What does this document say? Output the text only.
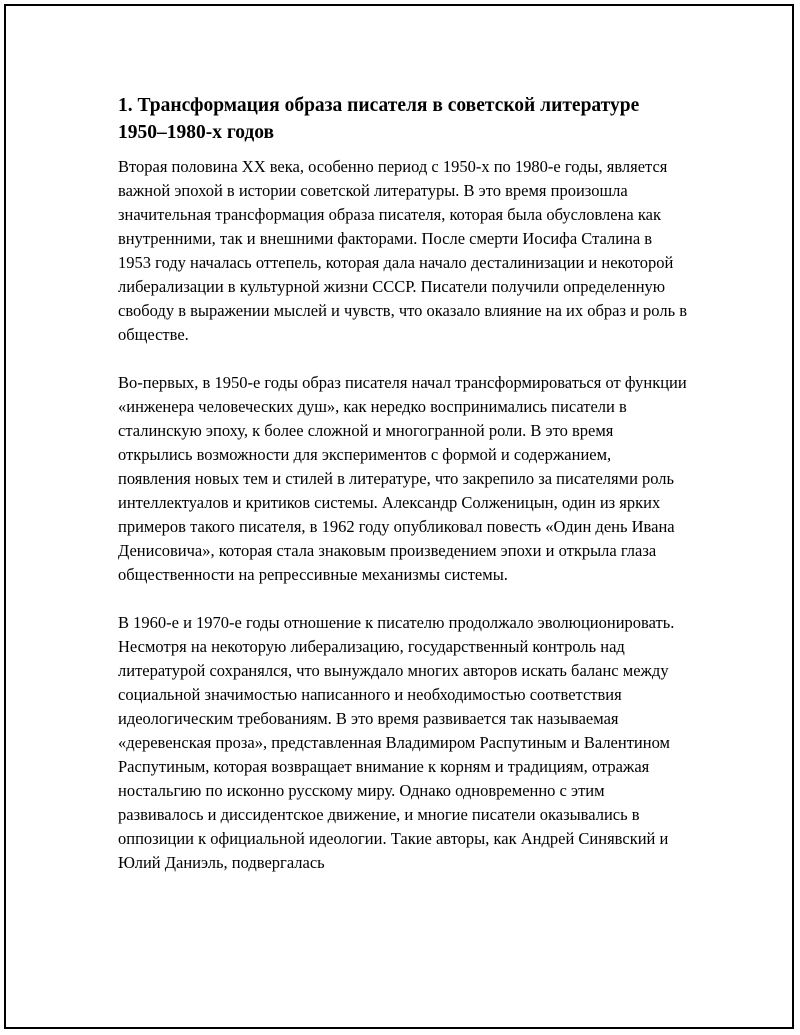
1. Трансформация образа писателя в советской литературе 1950–1980-х годов

Вторая половина XX века, особенно период с 1950-х по 1980-е годы, является важной эпохой в истории советской литературы. В это время произошла значительная трансформация образа писателя, которая была обусловлена как внутренними, так и внешними факторами. После смерти Иосифа Сталина в 1953 году началась оттепель, которая дала начало десталинизации и некоторой либерализации в культурной жизни СССР. Писатели получили определенную свободу в выражении мыслей и чувств, что оказало влияние на их образ и роль в обществе.

Во-первых, в 1950-е годы образ писателя начал трансформироваться от функции «инженера человеческих душ», как нередко воспринимались писатели в сталинскую эпоху, к более сложной и многогранной роли. В это время открылись возможности для экспериментов с формой и содержанием, появления новых тем и стилей в литературе, что закрепило за писателями роль интеллектуалов и критиков системы. Александр Солженицын, один из ярких примеров такого писателя, в 1962 году опубликовал повесть «Один день Ивана Денисовича», которая стала знаковым произведением эпохи и открыла глаза общественности на репрессивные механизмы системы.

В 1960-е и 1970-е годы отношение к писателю продолжало эволюционировать. Несмотря на некоторую либерализацию, государственный контроль над литературой сохранялся, что вынуждало многих авторов искать баланс между социальной значимостью написанного и необходимостью соответствия идеологическим требованиям. В это время развивается так называемая «деревенская проза», представленная Владимиром Распутиным и Валентином Распутиным, которая возвращает внимание к корням и традициям, отражая ностальгию по исконно русскому миру. Однако одновременно с этим развивалось и диссидентское движение, и многие писатели оказывались в оппозиции к официальной идеологии. Такие авторы, как Андрей Синявский и Юлий Даниэль, подвергалась
